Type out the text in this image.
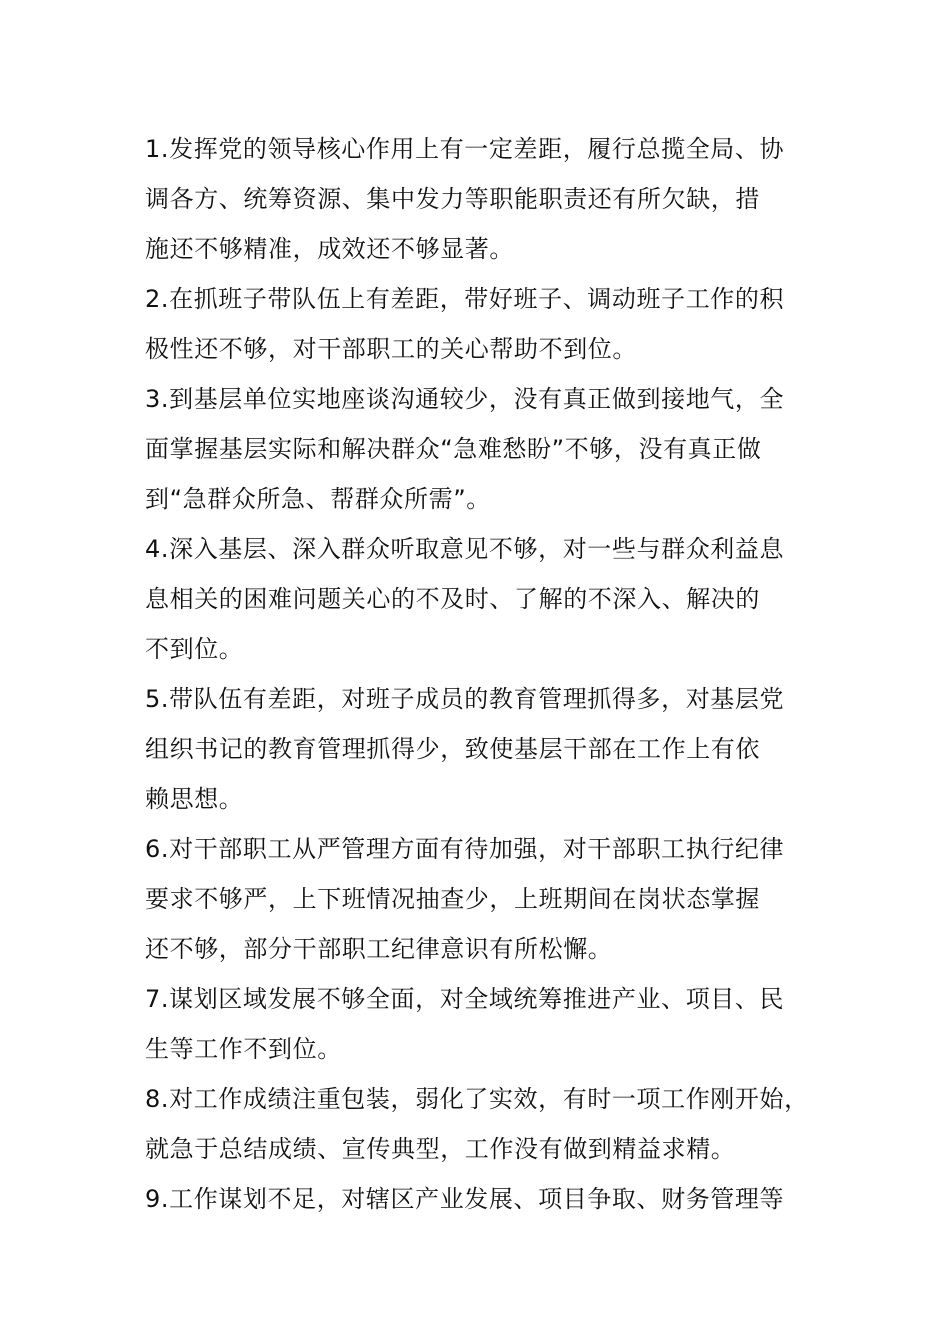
1.发挥党的领导核心作用上有一定差距，履行总揽全局、协
调各方、统筹资源、集中发力等职能职责还有所欠缺，措
施还不够精准，成效还不够显著。
2.在抓班子带队伍上有差距，带好班子、调动班子工作的积
极性还不够，对干部职工的关心帮助不到位。
3.到基层单位实地座谈沟通较少，没有真正做到接地气，全
面掌握基层实际和解决群众“急难愁盼”不够，没有真正做
到“急群众所急、帮群众所需”。
4.深入基层、深入群众听取意见不够，对一些与群众利益息
息相关的困难问题关心的不及时、了解的不深入、解决的
不到位。
5.带队伍有差距，对班子成员的教育管理抓得多，对基层党
组织书记的教育管理抓得少，致使基层干部在工作上有依
赖思想。
6.对干部职工从严管理方面有待加强，对干部职工执行纪律
要求不够严，上下班情况抽查少，上班期间在岗状态掌握
还不够，部分干部职工纪律意识有所松懈。
7.谋划区域发展不够全面，对全域统筹推进产业、项目、民
生等工作不到位。
8.对工作成绩注重包装，弱化了实效，有时一项工作刚开始，
就急于总结成绩、宣传典型，工作没有做到精益求精。
9.工作谋划不足，对辖区产业发展、项目争取、财务管理等
